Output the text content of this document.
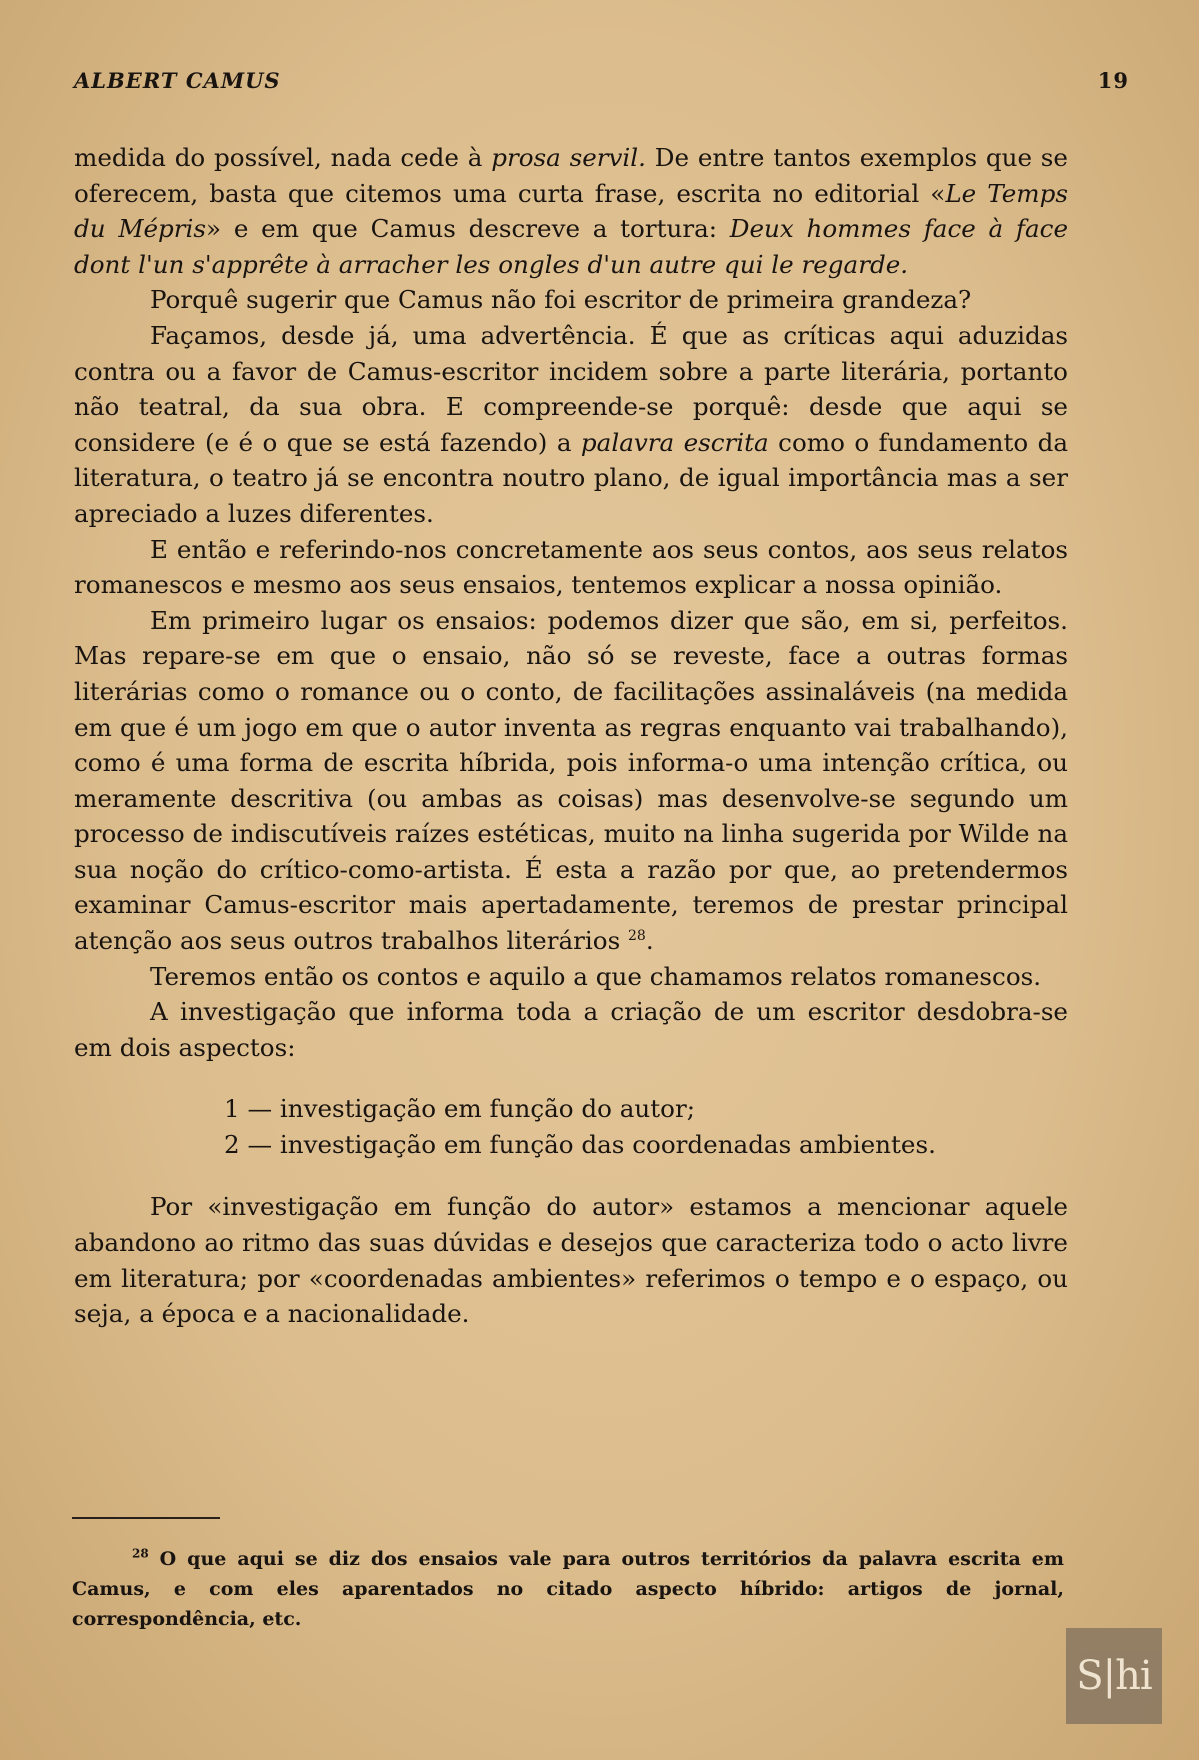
ALBERT CAMUS	19

medida do possível, nada cede à prosa servil. De entre tantos exemplos que se oferecem, basta que citemos uma curta frase, escrita no editorial «Le Temps du Mépris» e em que Camus descreve a tortura: Deux hommes face à face dont l'un s'apprête à arracher les ongles d'un autre qui le regarde.

Porquê sugerir que Camus não foi escritor de primeira grandeza?

Façamos, desde já, uma advertência. É que as críticas aqui aduzidas contra ou a favor de Camus-escritor incidem sobre a parte literária, portanto não teatral, da sua obra. E compreende-se porquê: desde que aqui se considere (e é o que se está fazendo) a palavra escrita como o fundamento da literatura, o teatro já se encontra noutro plano, de igual importância mas a ser apreciado a luzes diferentes.

E então e referindo-nos concretamente aos seus contos, aos seus relatos romanescos e mesmo aos seus ensaios, tentemos explicar a nossa opinião.

Em primeiro lugar os ensaios: podemos dizer que são, em si, perfeitos. Mas repare-se em que o ensaio, não só se reveste, face a outras formas literárias como o romance ou o conto, de facilitações assinaláveis (na medida em que é um jogo em que o autor inventa as regras enquanto vai trabalhando), como é uma forma de escrita híbrida, pois informa-o uma intenção crítica, ou meramente descritiva (ou ambas as coisas) mas desenvolve-se segundo um processo de indiscutíveis raízes estéticas, muito na linha sugerida por Wilde na sua noção do crítico-como-artista. É esta a razão por que, ao pretendermos examinar Camus-escritor mais apertadamente, teremos de prestar principal atenção aos seus outros trabalhos literários $^{28}$.

Teremos então os contos e aquilo a que chamamos relatos romanescos.

A investigação que informa toda a criação de um escritor desdobra-se em dois aspectos:

1 — investigação em função do autor;
2 — investigação em função das coordenadas ambientes.

Por «investigação em função do autor» estamos a mencionar aquele abandono ao ritmo das suas dúvidas e desejos que caracteriza todo o acto livre em literatura; por «coordenadas ambientes» referimos o tempo e o espaço, ou seja, a época e a nacionalidade.

$^{28}$ O que aqui se diz dos ensaios vale para outros territórios da palavra escrita em Camus, e com eles aparentados no citado aspecto híbrido: artigos de jornal, correspondência, etc.
S|hi
